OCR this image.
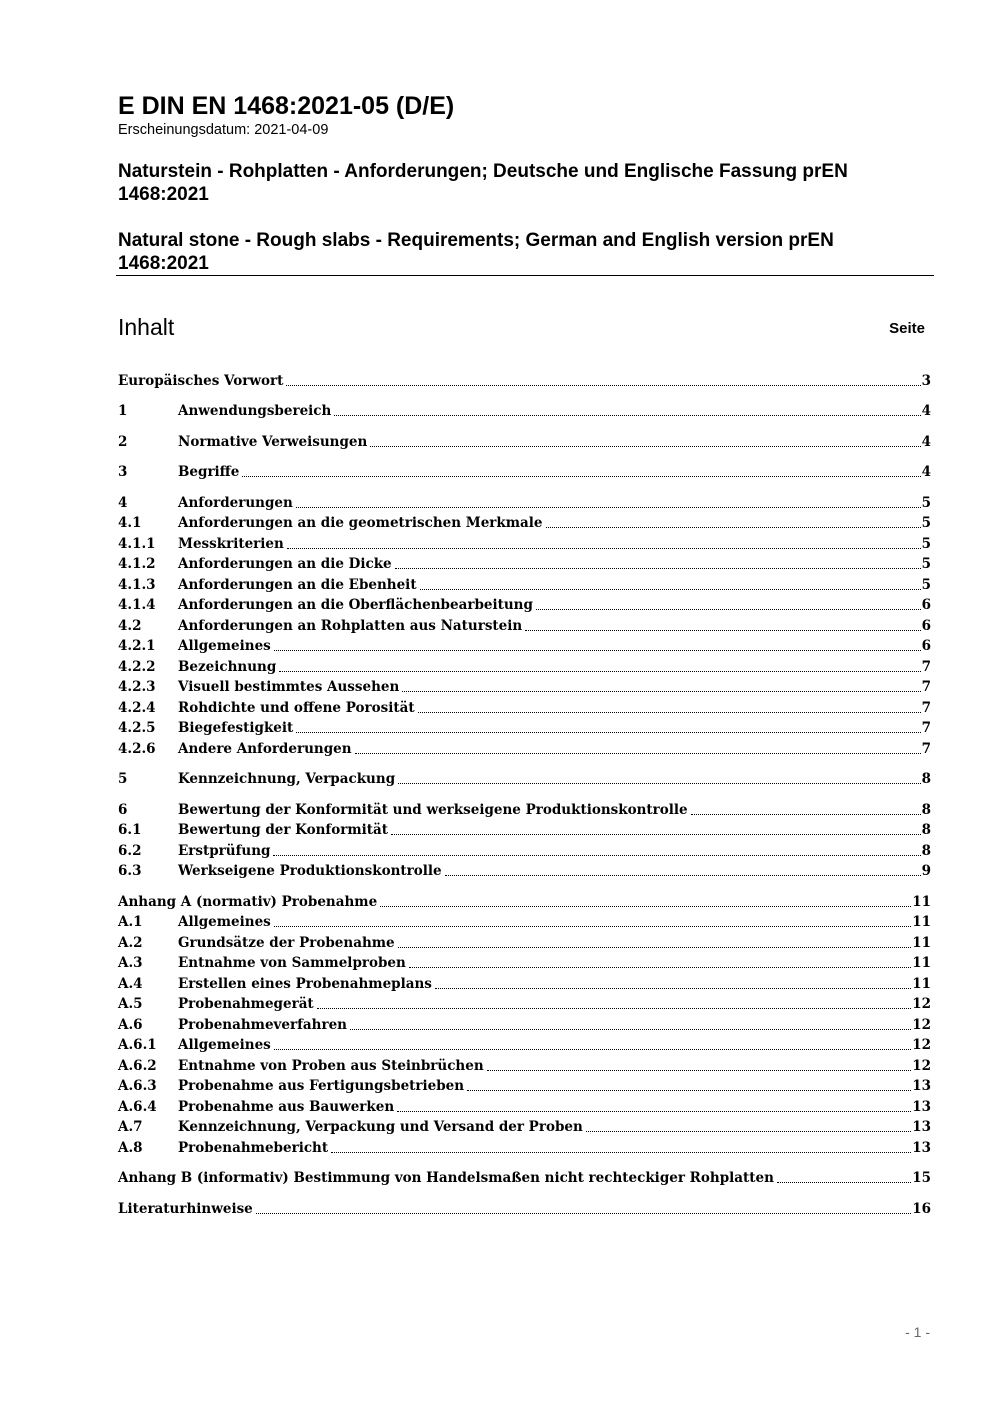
E DIN EN 1468:2021-05 (D/E)
Erscheinungsdatum: 2021-04-09
Naturstein - Rohplatten - Anforderungen; Deutsche und Englische Fassung prEN 1468:2021
Natural stone - Rough slabs - Requirements; German and English version prEN 1468:2021
Inhalt	Seite
Europäisches Vorwort	3
1	Anwendungsbereich	4
2	Normative Verweisungen	4
3	Begriffe	4
4	Anforderungen	5
4.1	Anforderungen an die geometrischen Merkmale	5
4.1.1	Messkriterien	5
4.1.2	Anforderungen an die Dicke	5
4.1.3	Anforderungen an die Ebenheit	5
4.1.4	Anforderungen an die Oberflächenbearbeitung	6
4.2	Anforderungen an Rohplatten aus Naturstein	6
4.2.1	Allgemeines	6
4.2.2	Bezeichnung	7
4.2.3	Visuell bestimmtes Aussehen	7
4.2.4	Rohdichte und offene Porosität	7
4.2.5	Biegefestigkeit	7
4.2.6	Andere Anforderungen	7
5	Kennzeichnung, Verpackung	8
6	Bewertung der Konformität und werkseigene Produktionskontrolle	8
6.1	Bewertung der Konformität	8
6.2	Erstprüfung	8
6.3	Werkseigene Produktionskontrolle	9
Anhang A (normativ) Probenahme	11
A.1	Allgemeines	11
A.2	Grundsätze der Probenahme	11
A.3	Entnahme von Sammelproben	11
A.4	Erstellen eines Probenahmeplans	11
A.5	Probenahmegerät	12
A.6	Probenahmeverfahren	12
A.6.1	Allgemeines	12
A.6.2	Entnahme von Proben aus Steinbrüchen	12
A.6.3	Probenahme aus Fertigungsbetrieben	13
A.6.4	Probenahme aus Bauwerken	13
A.7	Kennzeichnung, Verpackung und Versand der Proben	13
A.8	Probenahmebericht	13
Anhang B (informativ) Bestimmung von Handelsmaßen nicht rechteckiger Rohplatten	15
Literaturhinweise	16
- 1 -
